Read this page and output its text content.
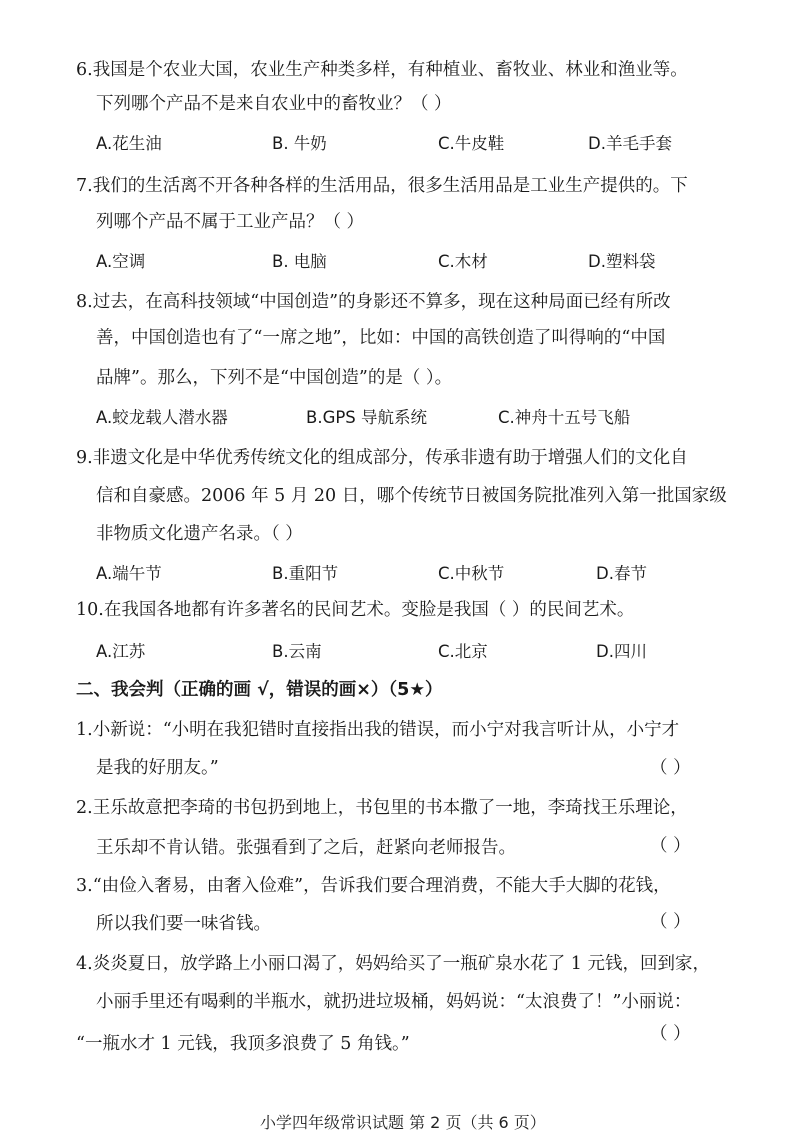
6.我国是个农业大国，农业生产种类多样，有种植业、畜牧业、林业和渔业等。
下列哪个产品不是来自农业中的畜牧业？（ ）
A.花生油	B. 牛奶	C.牛皮鞋	D.羊毛手套
7.我们的生活离不开各种各样的生活用品，很多生活用品是工业生产提供的。下
列哪个产品不属于工业产品？（ ）
A.空调	B. 电脑	C.木材	D.塑料袋
8.过去，在高科技领域“中国创造”的身影还不算多，现在这种局面已经有所改
善，中国创造也有了“一席之地”，比如：中国的高铁创造了叫得响的“中国
品牌”。那么，下列不是“中国创造”的是（ ）。
A.蛟龙载人潜水器	B.GPS 导航系统	C.神舟十五号飞船
9.非遗文化是中华优秀传统文化的组成部分，传承非遗有助于增强人们的文化自
信和自豪感。2006 年 5 月 20 日，哪个传统节日被国务院批准列入第一批国家级
非物质文化遗产名录。（ ）
A.端午节	B.重阳节	C.中秋节	D.春节
10.在我国各地都有许多著名的民间艺术。变脸是我国（ ）的民间艺术。
A.江苏	B.云南	C.北京	D.四川
二、我会判（正确的画 √，错误的画×）（5★）
1.小新说：“小明在我犯错时直接指出我的错误，而小宁对我言听计从，小宁才
是我的好朋友。”	（ ）
2.王乐故意把李琦的书包扔到地上，书包里的书本撒了一地，李琦找王乐理论，
王乐却不肯认错。张强看到了之后，赶紧向老师报告。	（ ）
3.“由俭入奢易，由奢入俭难”，告诉我们要合理消费，不能大手大脚的花钱，
所以我们要一味省钱。	（ ）
4.炎炎夏日，放学路上小丽口渴了，妈妈给买了一瓶矿泉水花了 1 元钱，回到家，
小丽手里还有喝剩的半瓶水，就扔进垃圾桶，妈妈说：“太浪费了！”小丽说：
“一瓶水才 1 元钱，我顶多浪费了 5 角钱。”	（ ）
小学四年级常识试题 第 2 页（共 6 页）
